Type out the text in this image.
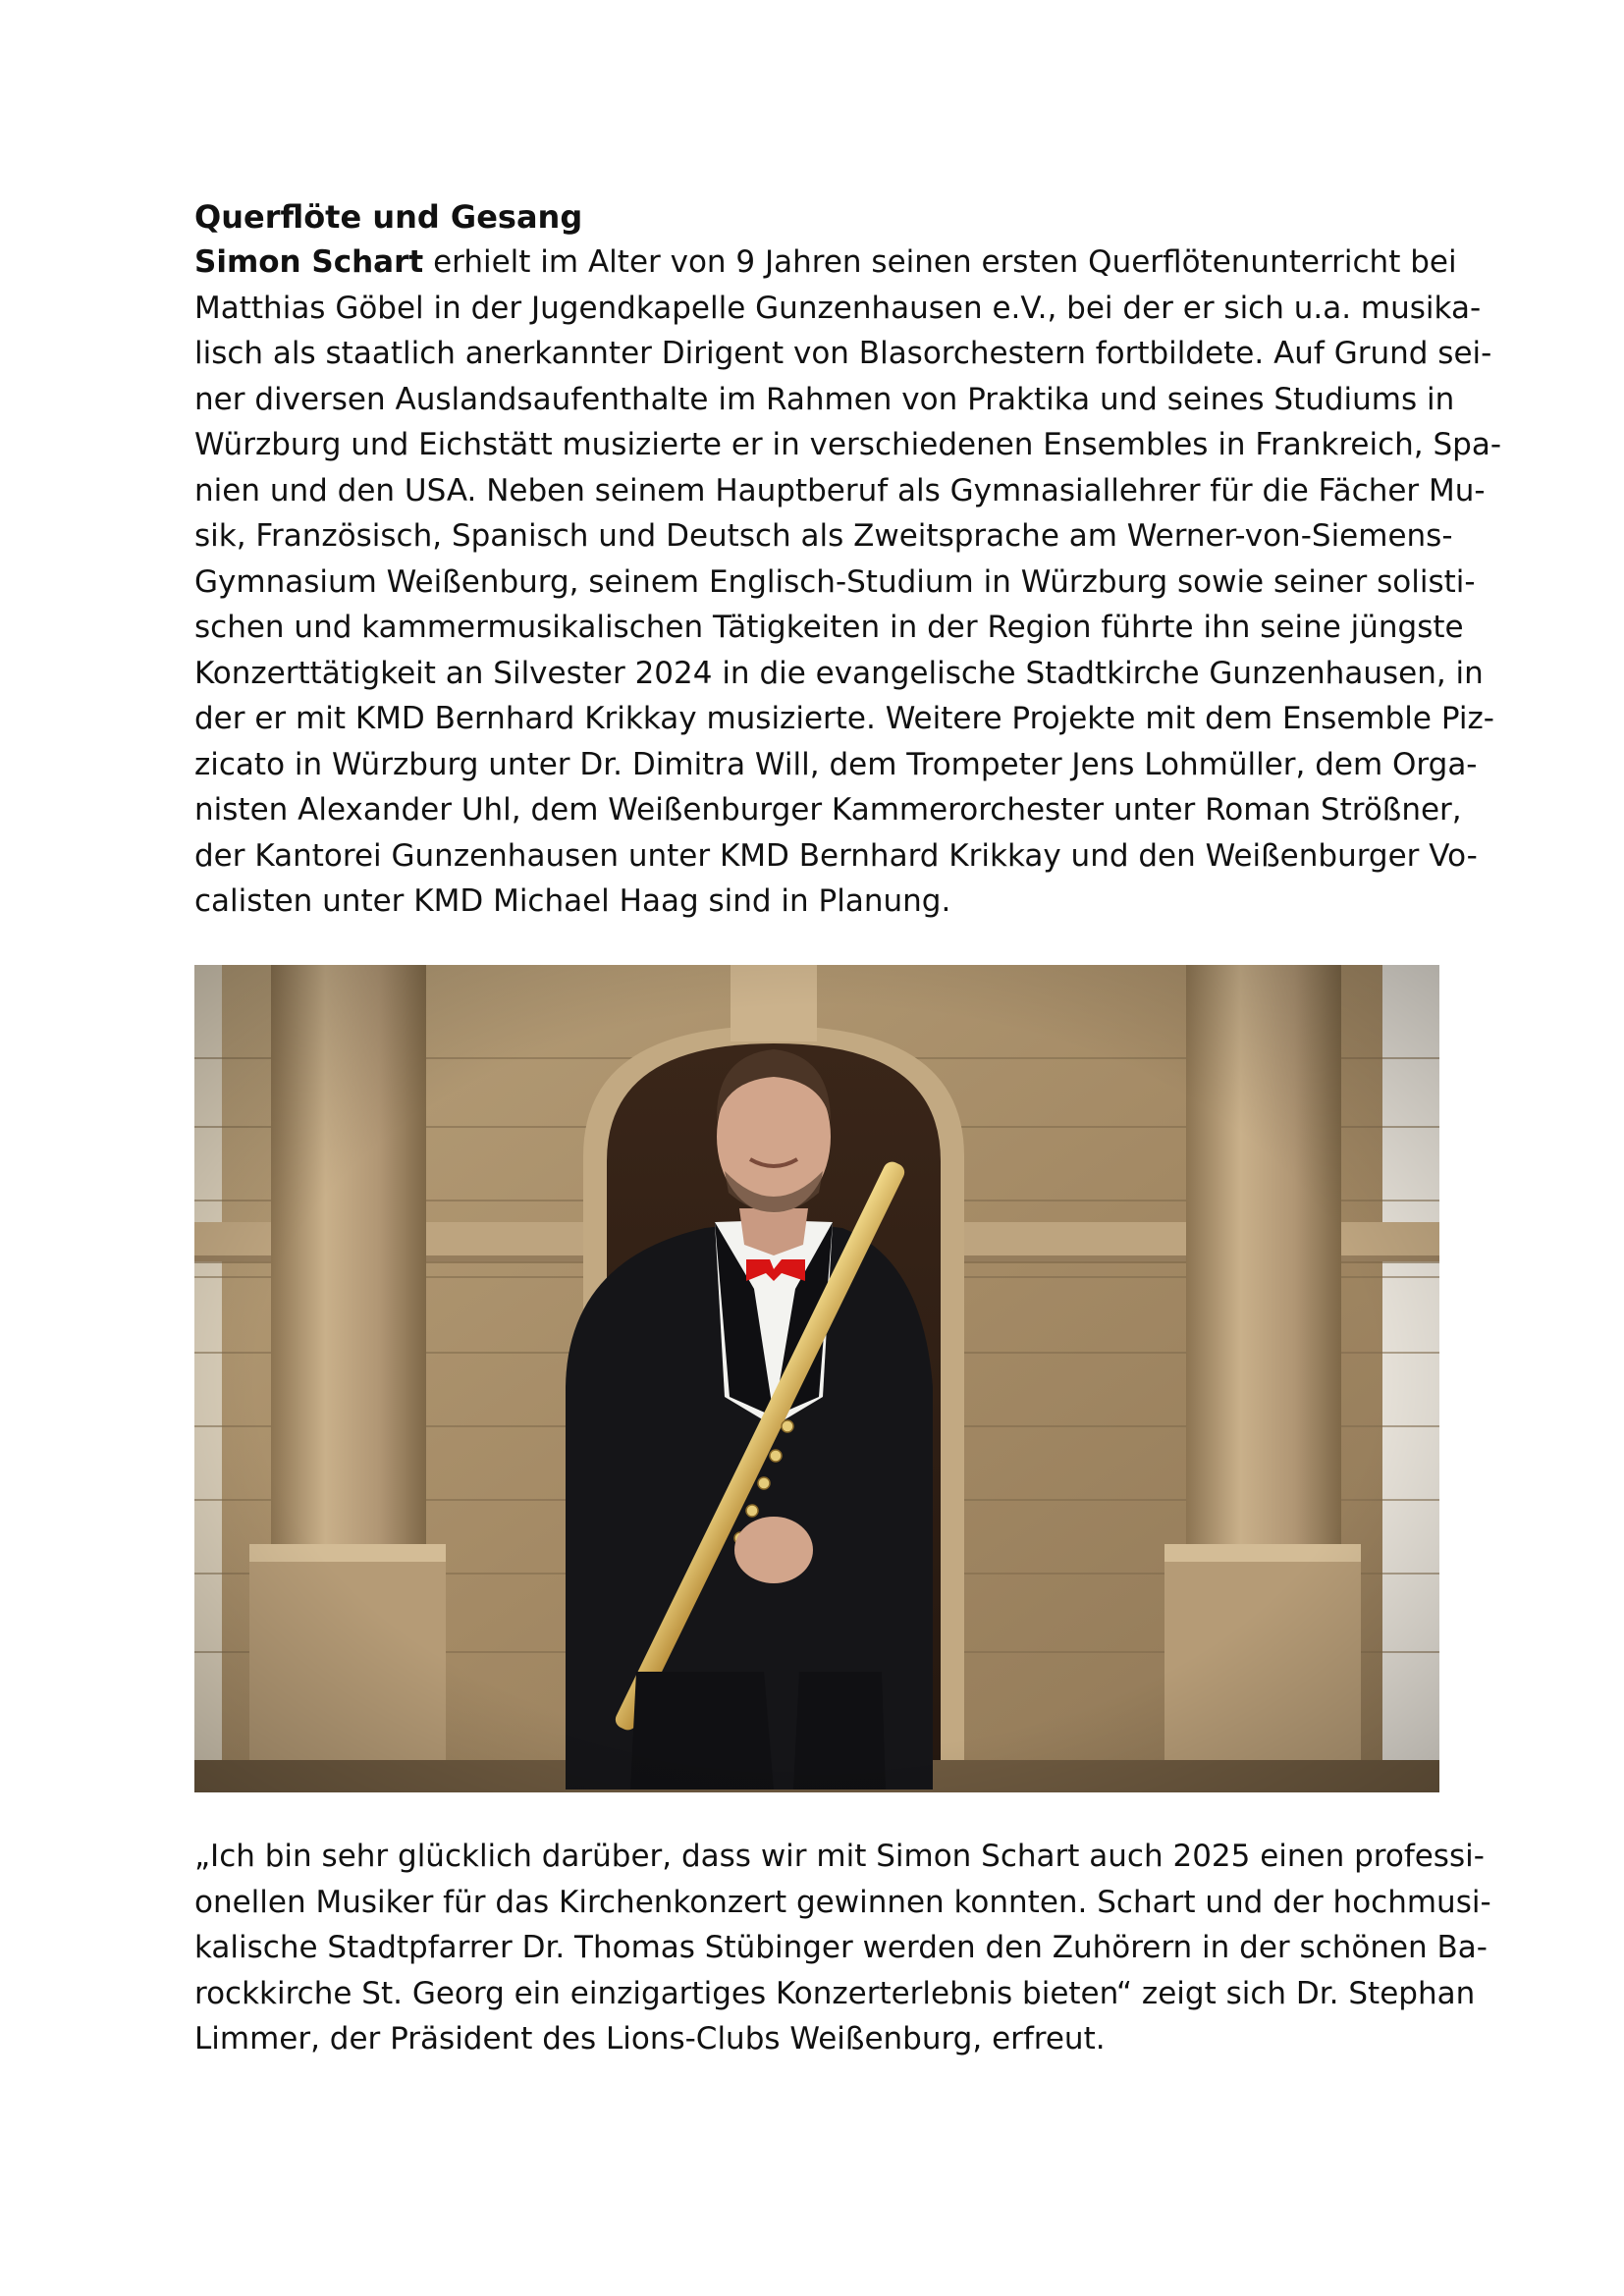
Querflöte und Gesang
Simon Schart erhielt im Alter von 9 Jahren seinen ersten Querflötenunterricht bei
Matthias Göbel in der Jugendkapelle Gunzenhausen e.V., bei der er sich u.a. musika-
lisch als staatlich anerkannter Dirigent von Blasorchestern fortbildete. Auf Grund sei-
ner diversen Auslandsaufenthalte im Rahmen von Praktika und seines Studiums in
Würzburg und Eichstätt musizierte er in verschiedenen Ensembles in Frankreich, Spa-
nien und den USA. Neben seinem Hauptberuf als Gymnasiallehrer für die Fächer Mu-
sik, Französisch, Spanisch und Deutsch als Zweitsprache am Werner-von-Siemens-
Gymnasium Weißenburg, seinem Englisch-Studium in Würzburg sowie seiner solisti-
schen und kammermusikalischen Tätigkeiten in der Region führte ihn seine jüngste
Konzerttätigkeit an Silvester 2024 in die evangelische Stadtkirche Gunzenhausen, in
der er mit KMD Bernhard Krikkay musizierte. Weitere Projekte mit dem Ensemble Piz-
zicato in Würzburg unter Dr. Dimitra Will, dem Trompeter Jens Lohmüller, dem Orga-
nisten Alexander Uhl, dem Weißenburger Kammerorchester unter Roman Strößner,
der Kantorei Gunzenhausen unter KMD Bernhard Krikkay und den Weißenburger Vo-
calisten unter KMD Michael Haag sind in Planung.
„Ich bin sehr glücklich darüber, dass wir mit Simon Schart auch 2025 einen professi-
onellen Musiker für das Kirchenkonzert gewinnen konnten. Schart und der hochmusi-
kalische Stadtpfarrer Dr. Thomas Stübinger werden den Zuhörern in der schönen Ba-
rockkirche St. Georg ein einzigartiges Konzerterlebnis bieten“ zeigt sich Dr. Stephan
Limmer, der Präsident des Lions-Clubs Weißenburg, erfreut.
